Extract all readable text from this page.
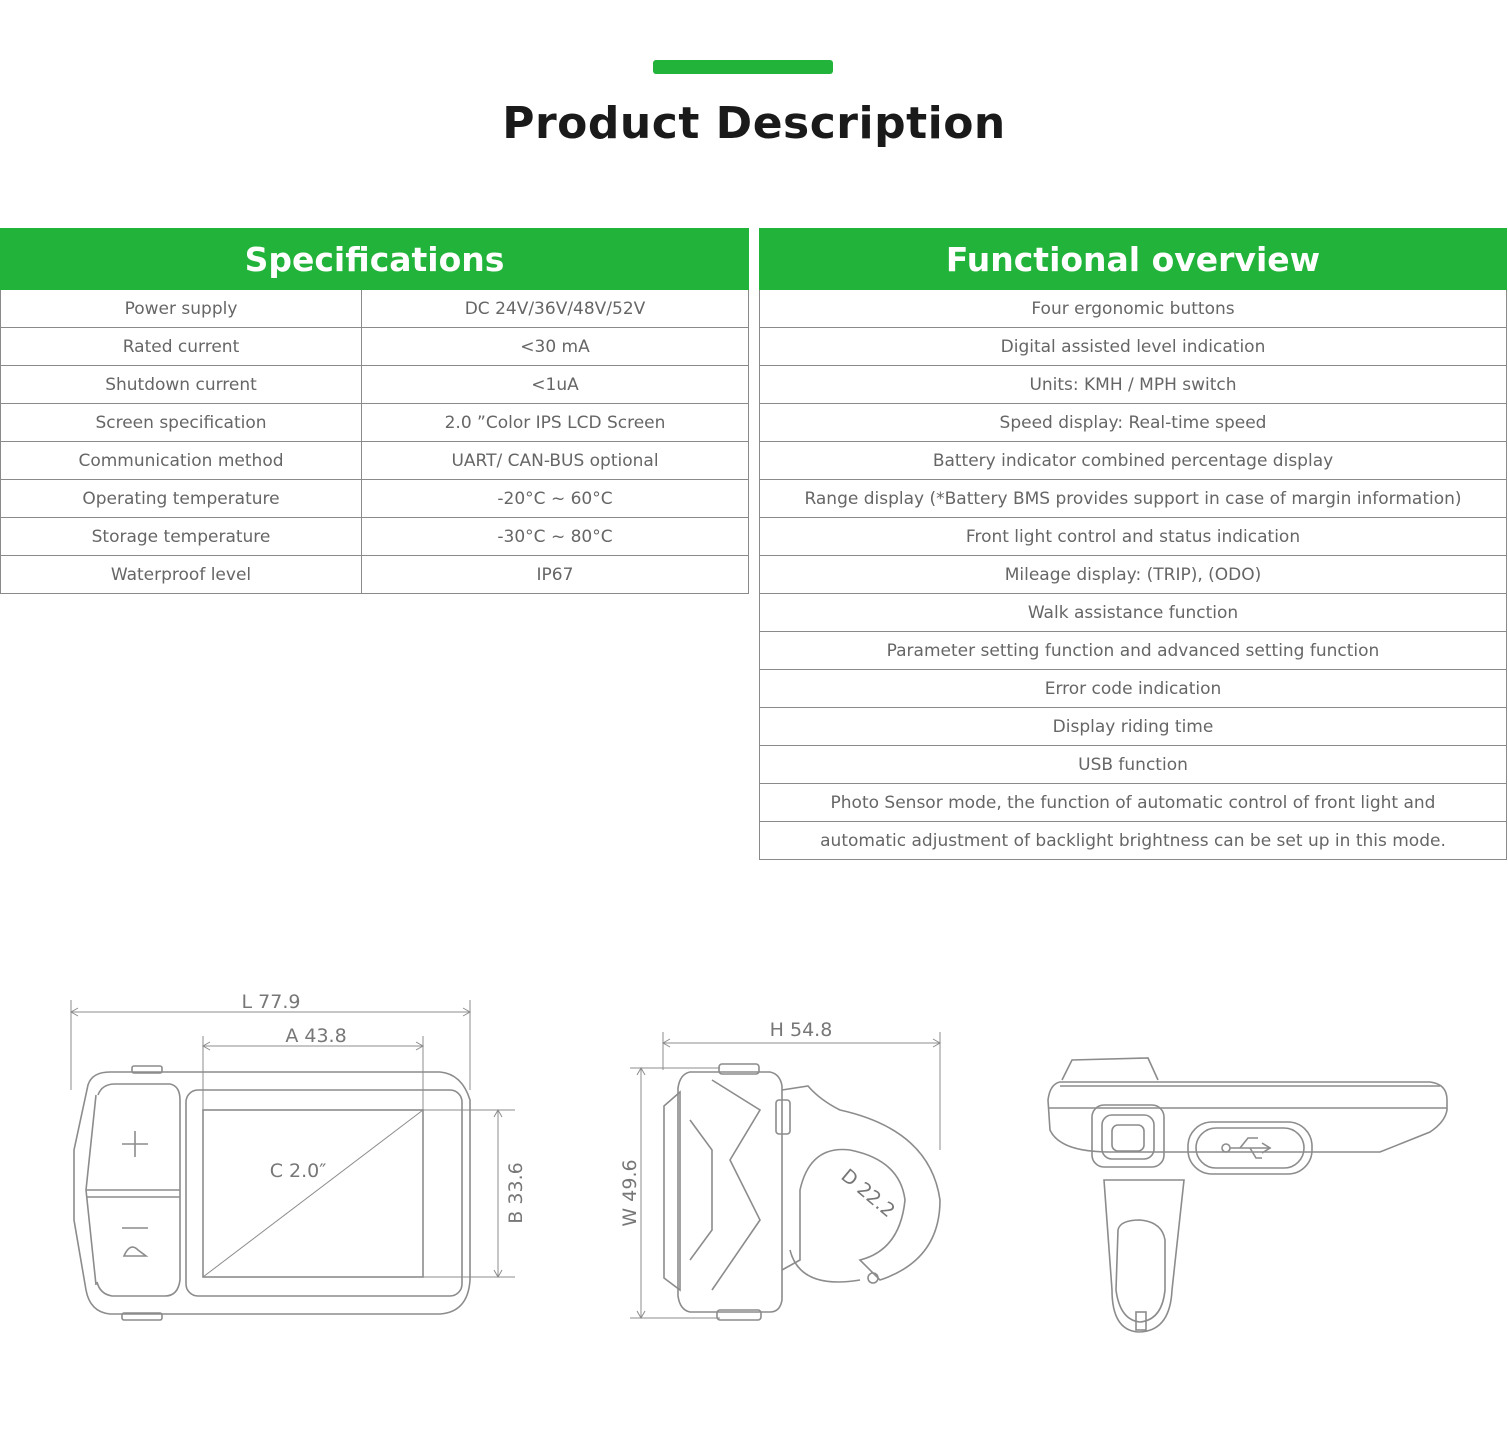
Product Description
Specifications	
Power supply	DC 24V/36V/48V/52V
Rated current	<30 mA
Shutdown current	<1uA
Screen specification	2.0 ”Color IPS LCD Screen
Communication method	UART/ CAN-BUS optional
Operating temperature	-20°C ~ 60°C
Storage temperature	-30°C ~ 80°C
Waterproof level	IP67
Functional overview
Four ergonomic buttons
Digital assisted level indication
Units: KMH / MPH switch
Speed display: Real-time speed
Battery indicator combined percentage display
Range display (*Battery BMS provides support in case of margin information)
Front light control and status indication
Mileage display: (TRIP), (ODO)
Walk assistance function
Parameter setting function and advanced setting function
Error code indication
Display riding time
USB function
Photo Sensor mode, the function of automatic control of front light and
automatic adjustment of backlight brightness can be set up in this mode.
L 77.9
A 43.8
C 2.0″	B 33.6
H 54.8
W 49.6	D 22.2
